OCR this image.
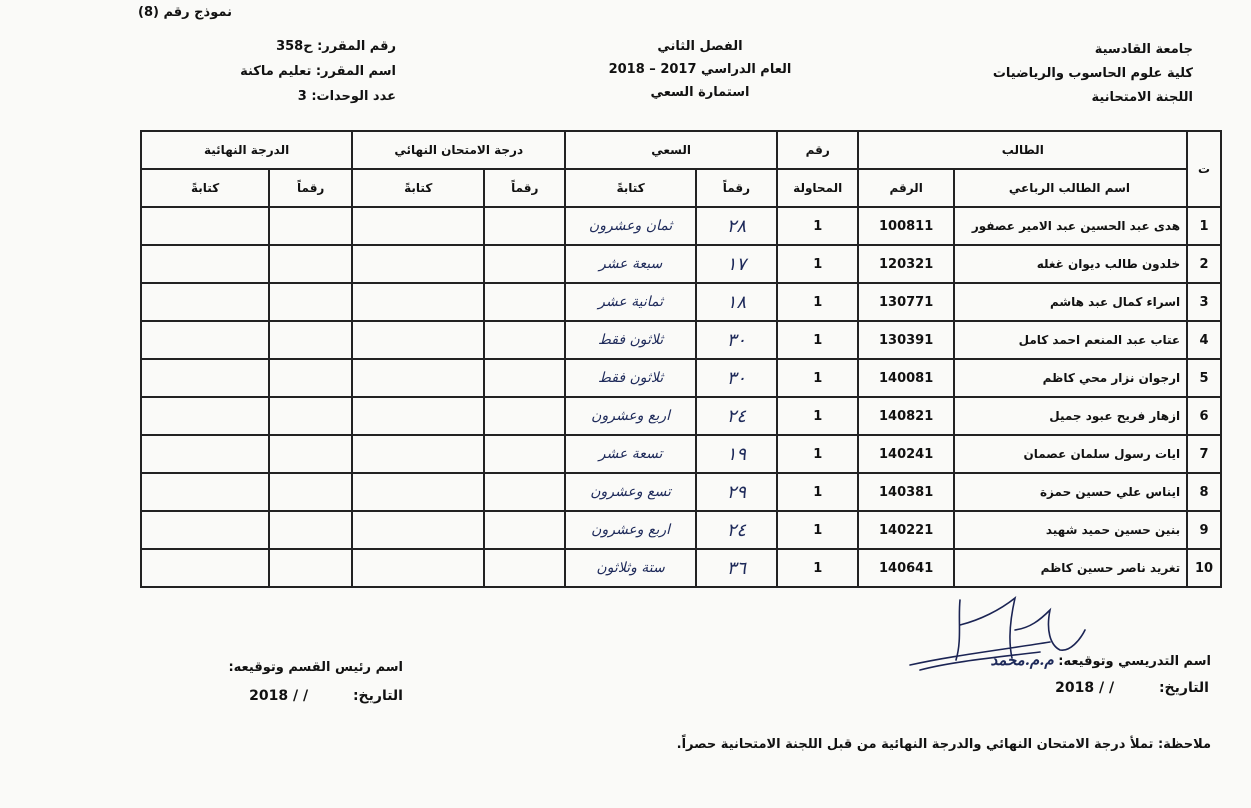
نموذج رقم (8)
جامعة القادسية
كلية علوم الحاسوب والرياضيات
اللجنة الامتحانية
الفصل الثاني
العام الدراسي 2017 – 2018
استمارة السعي
رقم المقرر: ح358
اسم المقرر: تعليم ماكنة
عدد الوحدات: 3
ت	الطالب		رقم	السعي		درجة الامتحان النهائي		الدرجة النهائية	
	اسم الطالب الرباعي	الرقم	المحاولة	رقماً	كتابةً	رقماً	كتابةً	رقماً	كتابةً
1	هدى عبد الحسين عبد الامير عصفور	100811	1	٢٨	ثمان وعشرون				
2	خلدون طالب ديوان غغله	120321	1	١٧	سبعة عشر				
3	اسراء كمال عبد هاشم	130771	1	١٨	ثمانية عشر				
4	عتاب عبد المنعم احمد كامل	130391	1	٣٠	ثلاثون فقط				
5	ارجوان نزار محي كاظم	140081	1	٣٠	ثلاثون فقط				
6	ازهار فريح عبود جميل	140821	1	٢٤	اربع وعشرون				
7	ايات رسول سلمان عصمان	140241	1	١٩	تسعة عشر				
8	ايناس علي حسين حمزة	140381	1	٢٩	تسع وعشرون				
9	بنين حسين حميد شهيد	140221	1	٢٤	اربع وعشرون				
10	تغريد ناصر حسين كاظم	140641	1	٣٦	ستة وثلاثون				
اسم التدريسي وتوقيعه: م.م.محمد
التاريخ: / / 2018
اسم رئيس القسم وتوقيعه:
التاريخ: / / 2018
ملاحظة: تملأ درجة الامتحان النهائي والدرجة النهائية من قبل اللجنة الامتحانية حصراً.
